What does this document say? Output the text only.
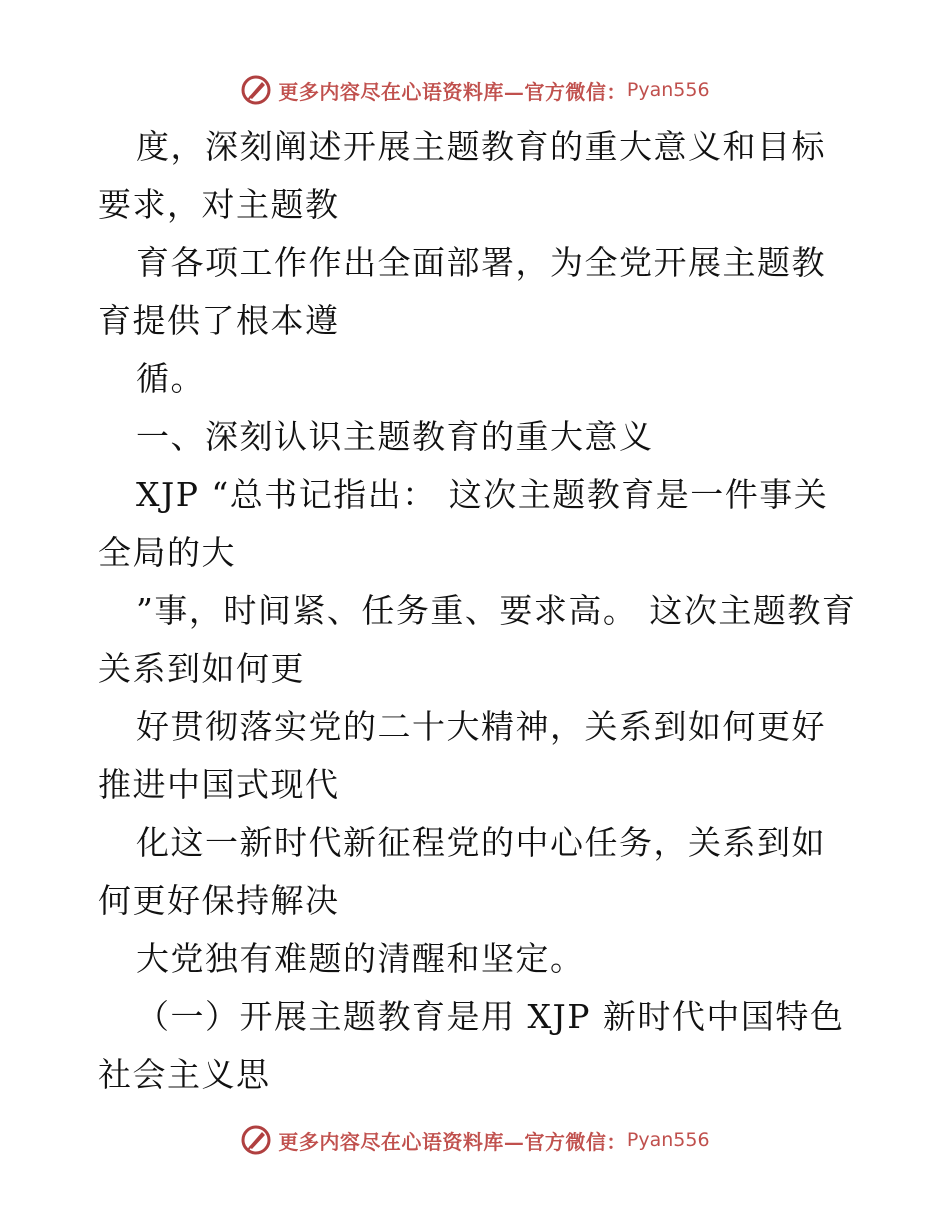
更多内容尽在心语资料库—官方微信： Pyan556

度，深刻阐述开展主题教育的重大意义和目标要求，对主题教

育各项工作作出全面部署，为全党开展主题教育提供了根本遵

循。

一、深刻认识主题教育的重大意义

XJP “总书记指出： 这次主题教育是一件事关全局的大

”事，时间紧、任务重、要求高。 这次主题教育关系到如何更

好贯彻落实党的二十大精神，关系到如何更好推进中国式现代

化这一新时代新征程党的中心任务，关系到如何更好保持解决

大党独有难题的清醒和坚定。

（一）开展主题教育是用 XJP 新时代中国特色社会主义思

更多内容尽在心语资料库—官方微信： Pyan556
